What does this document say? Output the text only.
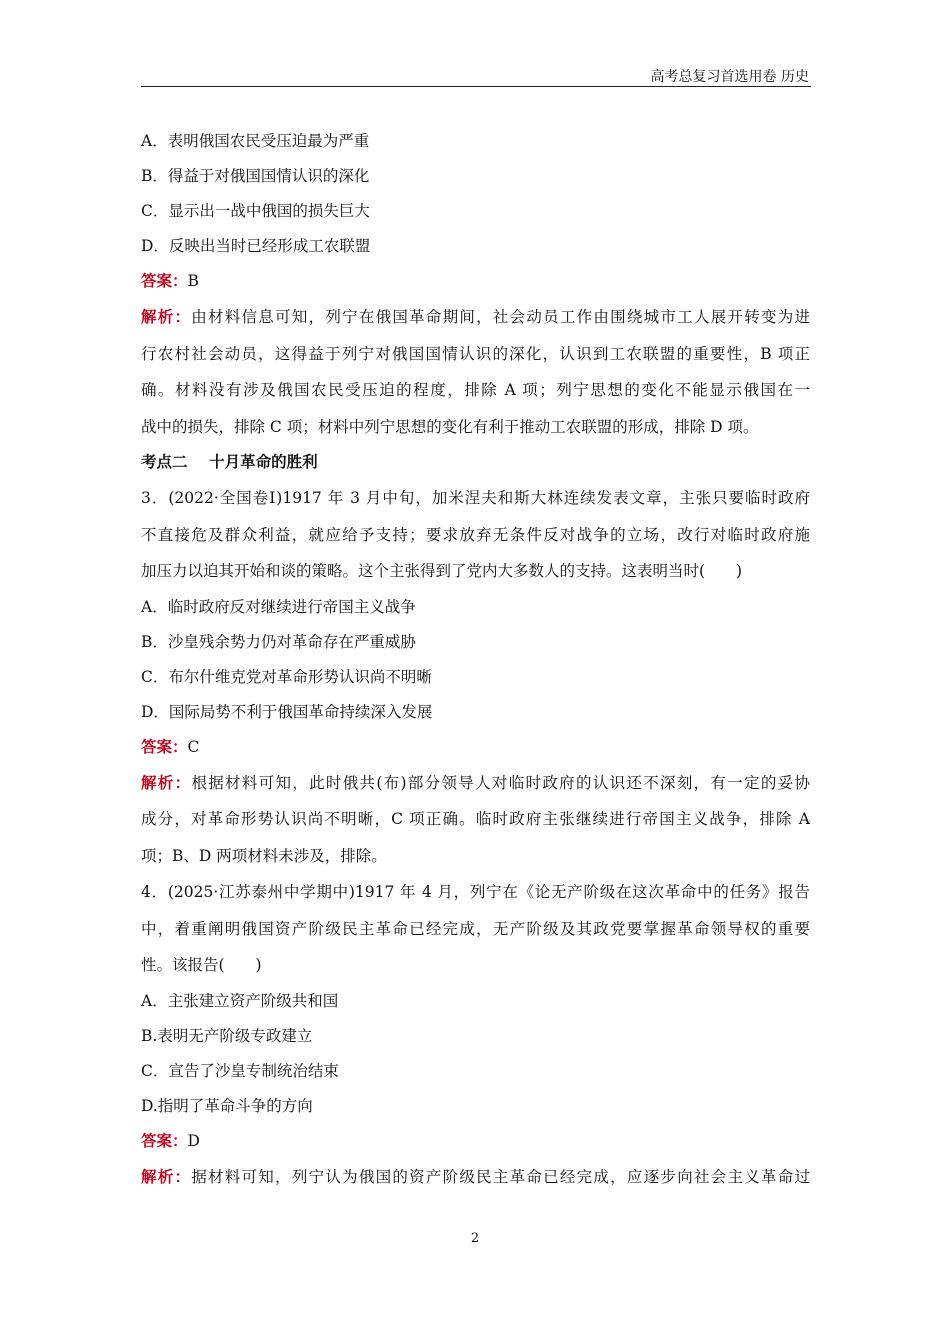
高考总复习首选用卷 历史
A．表明俄国农民受压迫最为严重
B．得益于对俄国国情认识的深化
C．显示出一战中俄国的损失巨大
D．反映出当时已经形成工农联盟
答案：B
解析：由材料信息可知，列宁在俄国革命期间，社会动员工作由围绕城市工人展开转变为进
行农村社会动员，这得益于列宁对俄国国情认识的深化，认识到工农联盟的重要性，B 项正
确。材料没有涉及俄国农民受压迫的程度，排除 A 项；列宁思想的变化不能显示俄国在一
战中的损失，排除 C 项；材料中列宁思想的变化有利于推动工农联盟的形成，排除 D 项。
考点二    十月革命的胜利
3．(2022·全国卷Ⅰ)1917 年 3 月中旬，加米涅夫和斯大林连续发表文章，主张只要临时政府
不直接危及群众利益，就应给予支持；要求放弃无条件反对战争的立场，改行对临时政府施
加压力以迫其开始和谈的策略。这个主张得到了党内大多数人的支持。这表明当时(　　)
A．临时政府反对继续进行帝国主义战争
B．沙皇残余势力仍对革命存在严重威胁
C．布尔什维克党对革命形势认识尚不明晰
D．国际局势不利于俄国革命持续深入发展
答案：C
解析：根据材料可知，此时俄共(布)部分领导人对临时政府的认识还不深刻，有一定的妥协
成分，对革命形势认识尚不明晰，C 项正确。临时政府主张继续进行帝国主义战争，排除 A
项；B、D 两项材料未涉及，排除。
4．(2025·江苏泰州中学期中)1917 年 4 月，列宁在《论无产阶级在这次革命中的任务》报告
中，着重阐明俄国资产阶级民主革命已经完成，无产阶级及其政党要掌握革命领导权的重要
性。该报告(　　)
A．主张建立资产阶级共和国
B.表明无产阶级专政建立
C．宣告了沙皇专制统治结束
D.指明了革命斗争的方向
答案：D
解析：据材料可知，列宁认为俄国的资产阶级民主革命已经完成，应逐步向社会主义革命过
2
